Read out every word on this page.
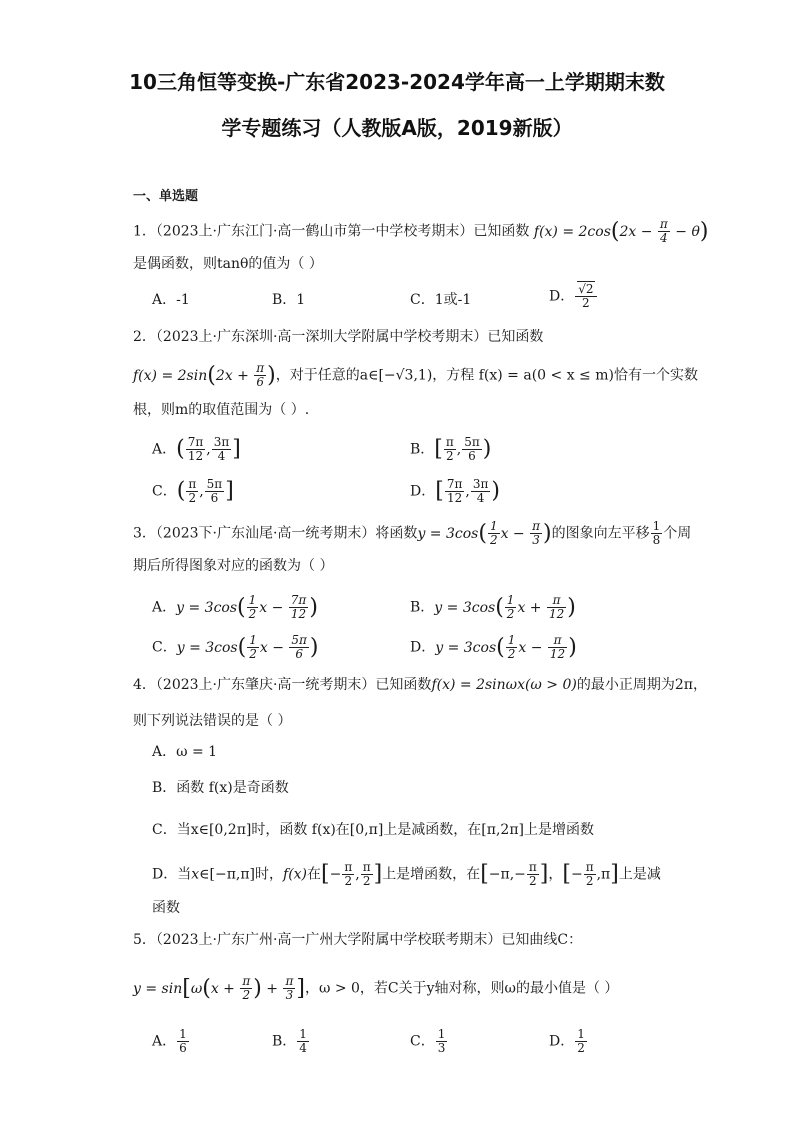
10三角恒等变换-广东省2023-2024学年高一上学期期末数
学专题练习（人教版A版，2019新版）
一、单选题
1．（2023上·广东江门·高一鹤山市第一中学校考期末）已知函数 $f(x) = 2\cos(2x - \frac{\pi}{4} - \theta)$
是偶函数，则tanθ的值为（ ）
A．-1	B．1	C．1或-1	D． $\frac{√2}{2}$
2．（2023上·广东深圳·高一深圳大学附属中学校考期末）已知函数
$f(x) = 2\sin(2x + \frac{\pi}{6}$ )，对于任意的a∈[−√3,1)，方程 f(x) = a(0 < x ≤ m)恰有一个实数
根，则m的取值范围为（ ）.
A．( $\frac{7\pi}{12}$ , $\frac{3\pi}{4}$ ]	B．[ $\frac{\pi}{2}$ , $\frac{5\pi}{6}$ )
C．( $\frac{\pi}{2}$ , $\frac{5\pi}{6}$ ]	D．[ $\frac{7\pi}{12}$ , $\frac{3\pi}{4}$ )
3．（2023下·广东汕尾·高一统考期末）将函数$y = 3\cos( \frac{1}{2}$ $x - \frac{\pi}{3}$ )的图象向左平移 $\frac{1}{8}$ 个周
期后所得图象对应的函数为（ ）
A．$y = 3\cos( \frac{1}{2}$ $x - \frac{7\pi}{12}$ )	B．$y = 3\cos( \frac{1}{2}$ $x + \frac{\pi}{12}$ )
C．$y = 3\cos( \frac{1}{2}$ $x - \frac{5\pi}{6}$ )	D．$y = 3\cos( \frac{1}{2}$ $x - \frac{\pi}{12}$ )
4．（2023上·广东肇庆·高一统考期末）已知函数f(x) = 2sinωx(ω > 0)的最小正周期为2π，
则下列说法错误的是（ ）
A．ω = 1
B．函数 f(x)是奇函数
C．当x∈[0,2π]时，函数 f(x)在[0,π]上是减函数，在[π,2π]上是增函数
D．当x∈[−π,π]时，f(x)在[− $\frac{\pi}{2}$ , $\frac{\pi}{2}$ ]上是增函数，在[$-\pi,- \frac{\pi}{2}$ ]，[− $\frac{\pi}{2} ,\pi$]上是减
函数
5．（2023上·广东广州·高一广州大学附属中学校联考期末）已知曲线C：
$y = \sin[\omega(x + \frac{\pi}{2}$ ) + $\frac{\pi}{3}$ ]，ω > 0，若C关于y轴对称，则ω的最小值是（ ）
A． $\frac{1}{6}$	B． $\frac{1}{4}$	C． $\frac{1}{3}$	D． $\frac{1}{2}$
